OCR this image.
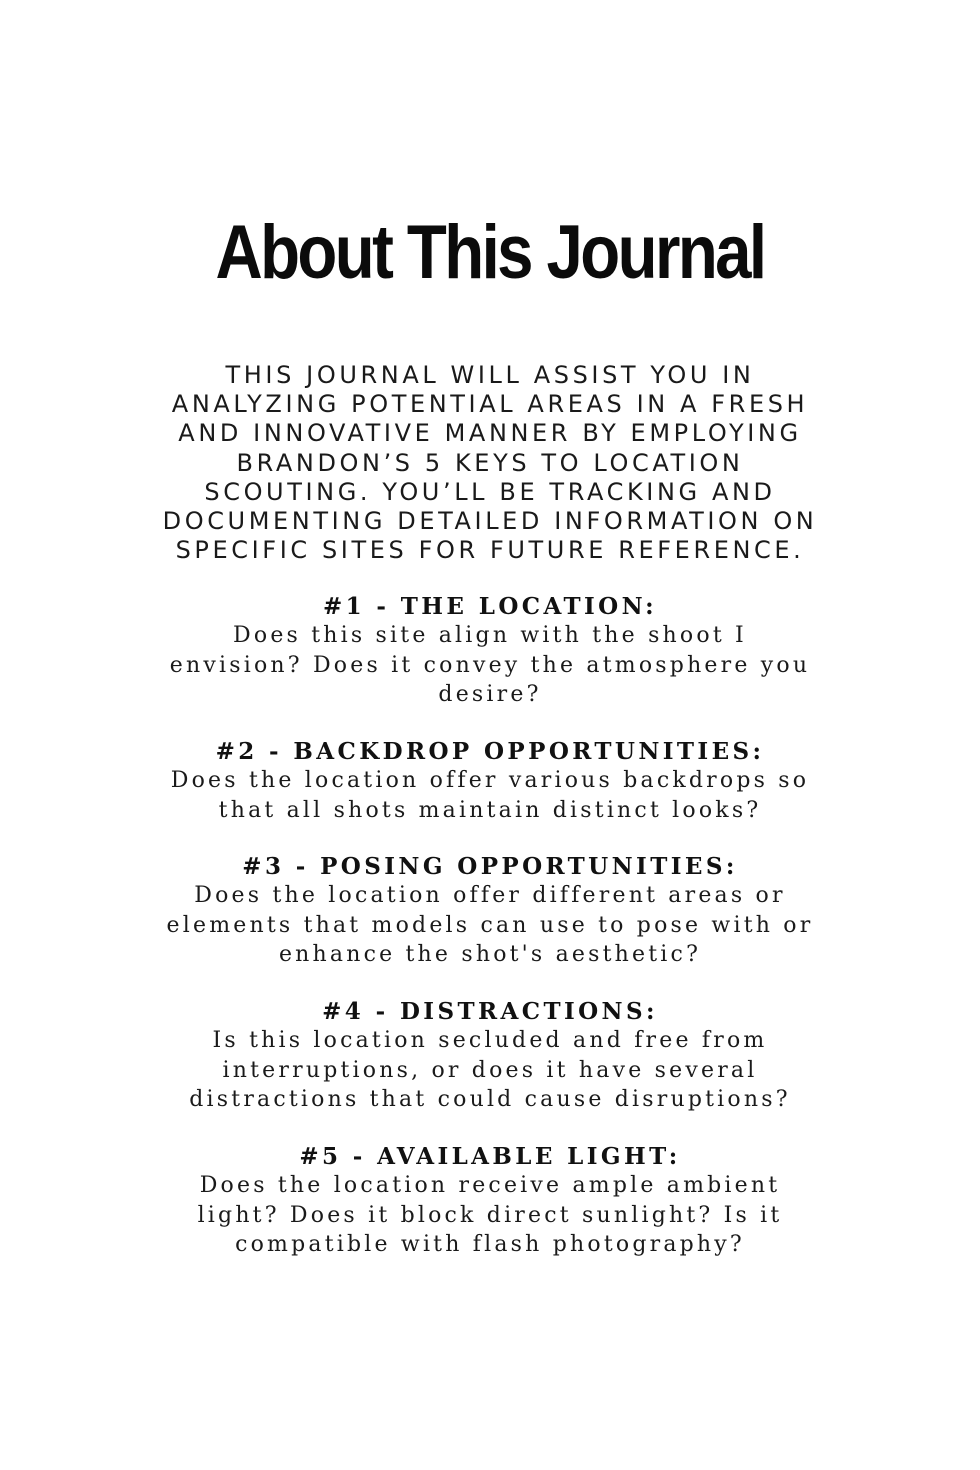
About This Journal

THIS JOURNAL WILL ASSIST YOU IN
ANALYZING POTENTIAL AREAS IN A FRESH
AND INNOVATIVE MANNER BY EMPLOYING
BRANDON’S 5 KEYS TO LOCATION
SCOUTING. YOU’LL BE TRACKING AND
DOCUMENTING DETAILED INFORMATION ON
SPECIFIC SITES FOR FUTURE REFERENCE.

#1 - THE LOCATION:
Does this site align with the shoot I
envision? Does it convey the atmosphere you
desire?
#2 - BACKDROP OPPORTUNITIES:
Does the location offer various backdrops so
that all shots maintain distinct looks?
#3 - POSING OPPORTUNITIES:
Does the location offer different areas or
elements that models can use to pose with or
enhance the shot's aesthetic?
#4 - DISTRACTIONS:
Is this location secluded and free from
interruptions, or does it have several
distractions that could cause disruptions?
#5 - AVAILABLE LIGHT:
Does the location receive ample ambient
light? Does it block direct sunlight? Is it
compatible with flash photography?
